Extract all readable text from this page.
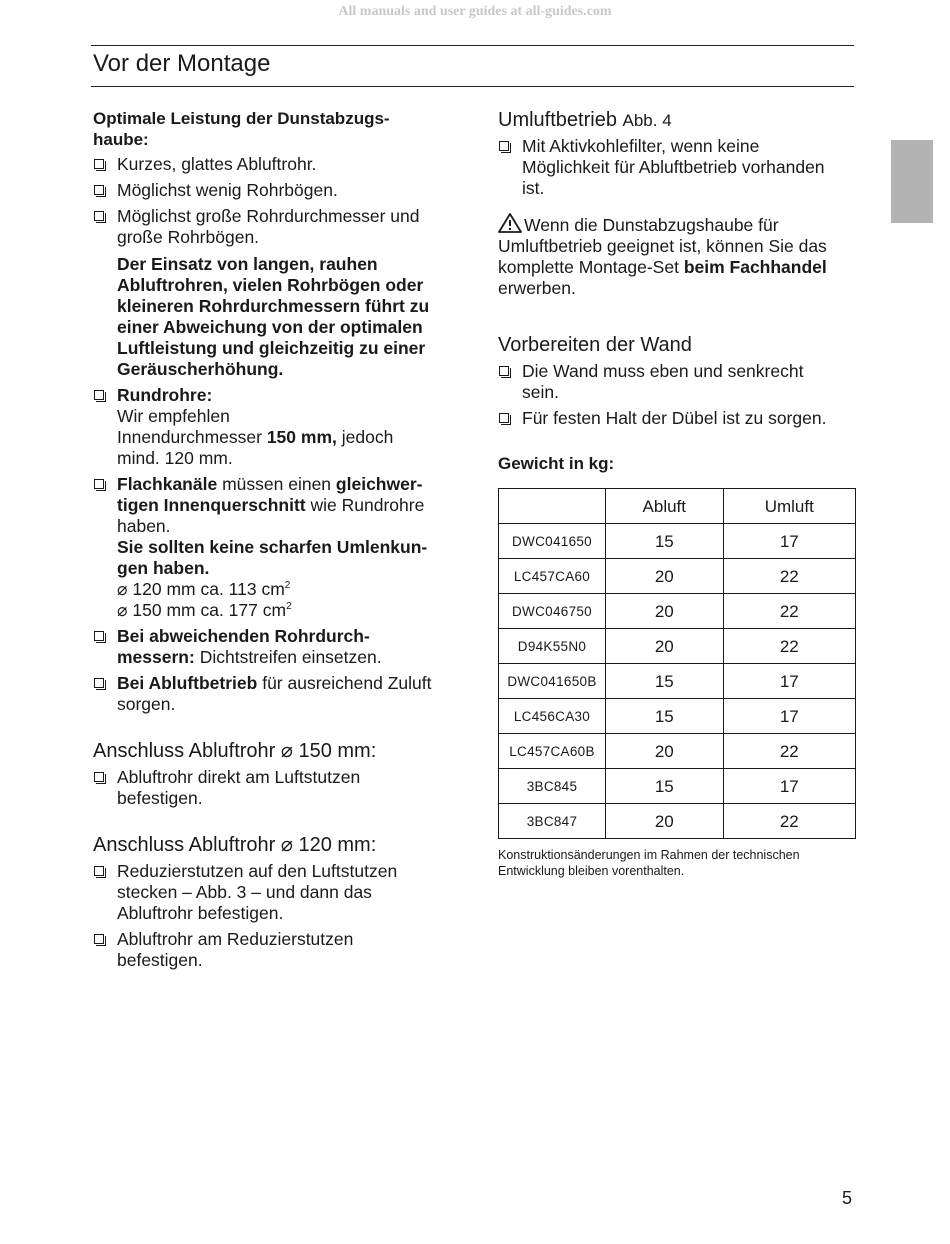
All manuals and user guides at all-guides.com
Vor der Montage
Optimale Leistung der Dunstabzugs-haube:
Kurzes, glattes Abluftrohr.
Möglichst wenig Rohrbögen.
Möglichst große Rohrdurchmesser und
große Rohrbögen.
Der Einsatz von langen, rauhen
Abluftrohren, vielen Rohrbögen oder
kleineren Rohrdurchmessern führt zu
einer Abweichung von der optimalen
Luftleistung und gleichzeitig zu einer
Geräuscherhöhung.
Rundrohre:
Wir empfehlen
Innendurchmesser 150 mm, jedoch
mind. 120 mm.
Flachkanäle müssen einen gleichwer-
tigen Innenquerschnitt wie Rundrohre
haben.
Sie sollten keine scharfen Umlenkun-
gen haben.
⌀ 120 mm ca. 113 $cm^2$
⌀ 150 mm ca. 177 $cm^2$
Bei abweichenden Rohrdurch-
messern: Dichtstreifen einsetzen.
Bei Abluftbetrieb für ausreichend Zuluft
sorgen.
Anschluss Abluftrohr ⌀ 150 mm:
Abluftrohr direkt am Luftstutzen
befestigen.
Anschluss Abluftrohr ⌀ 120 mm:
Reduzierstutzen auf den Luftstutzen
stecken – Abb. 3 – und dann das
Abluftrohr befestigen.
Abluftrohr am Reduzierstutzen
befestigen.
Umluftbetrieb Abb. 4
Mit Aktivkohlefilter, wenn keine
Möglichkeit für Abluftbetrieb vorhanden
ist.
Wenn die Dunstabzugshaube für
Umluftbetrieb geeignet ist, können Sie das
komplette Montage-Set beim Fachhandel
erwerben.
Vorbereiten der Wand
Die Wand muss eben und senkrecht
sein.
Für festen Halt der Dübel ist zu sorgen.
Gewicht in kg:
	Abluft	Umluft
DWC041650	15	17
LC457CA60	20	22
DWC046750	20	22
D94K55N0	20	22
DWC041650B	15	17
LC456CA30	15	17
LC457CA60B	20	22
3BC845	15	17
3BC847	20	22
Konstruktionsänderungen im Rahmen der technischen
Entwicklung bleiben vorenthalten.
5
